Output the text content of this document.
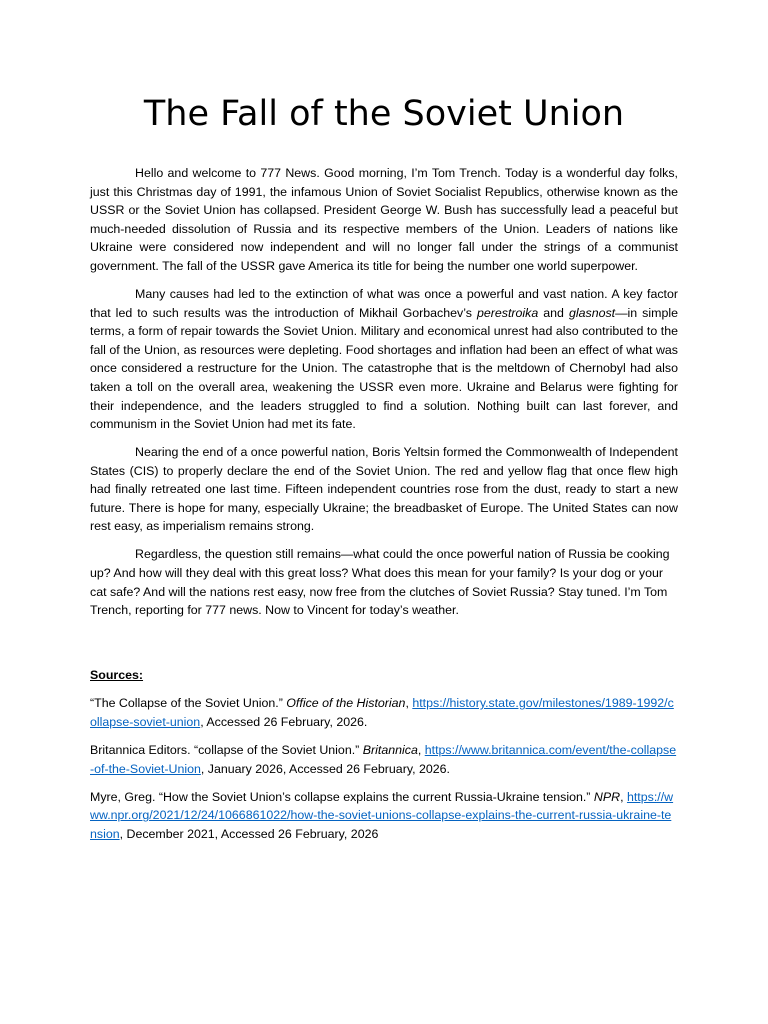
The Fall of the Soviet Union

Hello and welcome to 777 News. Good morning, I’m Tom Trench. Today is a wonderful day folks, just this Christmas day of 1991, the infamous Union of Soviet Socialist Republics, otherwise known as the USSR or the Soviet Union has collapsed. President George W. Bush has successfully lead a peaceful but much-needed dissolution of Russia and its respective members of the Union. Leaders of nations like Ukraine were considered now independent and will no longer fall under the strings of a communist government. The fall of the USSR gave America its title for being the number one world superpower.

Many causes had led to the extinction of what was once a powerful and vast nation. A key factor that led to such results was the introduction of Mikhail Gorbachev’s perestroika and glasnost—in simple terms, a form of repair towards the Soviet Union. Military and economical unrest had also contributed to the fall of the Union, as resources were depleting. Food shortages and inflation had been an effect of what was once considered a restructure for the Union. The catastrophe that is the meltdown of Chernobyl had also taken a toll on the overall area, weakening the USSR even more. Ukraine and Belarus were fighting for their independence, and the leaders struggled to find a solution. Nothing built can last forever, and communism in the Soviet Union had met its fate.

Nearing the end of a once powerful nation, Boris Yeltsin formed the Commonwealth of Independent States (CIS) to properly declare the end of the Soviet Union. The red and yellow flag that once flew high had finally retreated one last time. Fifteen independent countries rose from the dust, ready to start a new future. There is hope for many, especially Ukraine; the breadbasket of Europe. The United States can now rest easy, as imperialism remains strong.

Regardless, the question still remains—what could the once powerful nation of Russia be cooking up? And how will they deal with this great loss? What does this mean for your family? Is your dog or your cat safe? And will the nations rest easy, now free from the clutches of Soviet Russia? Stay tuned. I’m Tom Trench, reporting for 777 news. Now to Vincent for today’s weather.

Sources:

“The Collapse of the Soviet Union.” Office of the Historian, https://history.state.gov/milestones/1989-1992/collapse-soviet-union, Accessed 26 February, 2026.

Britannica Editors. “collapse of the Soviet Union.” Britannica, https://www.britannica.com/event/the-collapse-of-the-Soviet-Union, January 2026, Accessed 26 February, 2026.

Myre, Greg. “How the Soviet Union’s collapse explains the current Russia-Ukraine tension.” NPR, https://www.npr.org/2021/12/24/1066861022/how-the-soviet-unions-collapse-explains-the-current-russia-ukraine-tension, December 2021, Accessed 26 February, 2026
